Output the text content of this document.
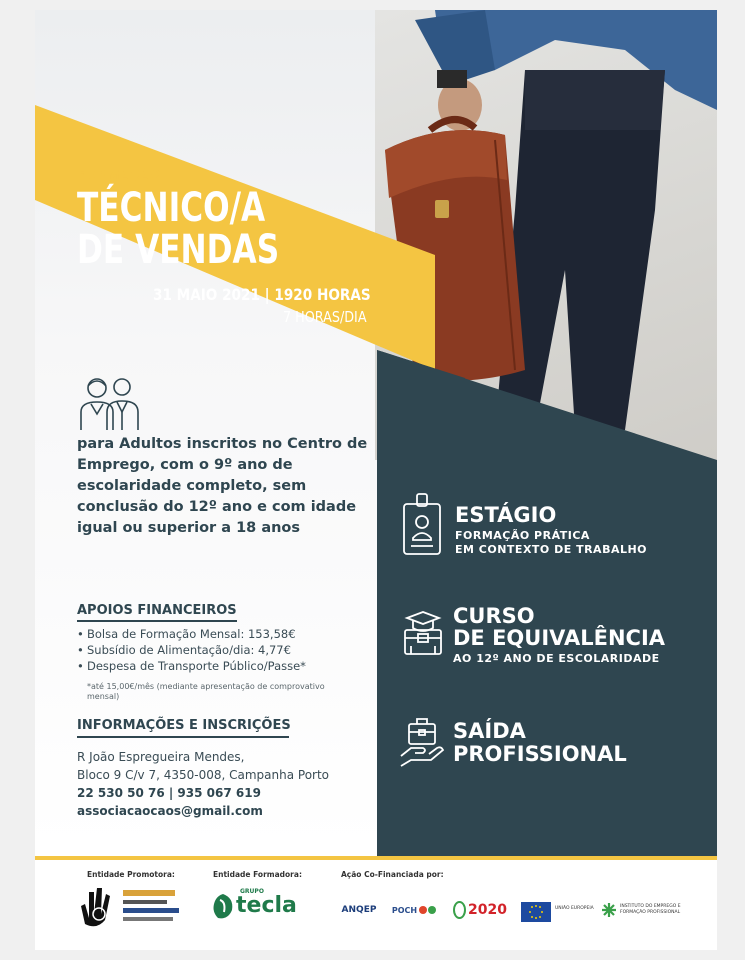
FORMAÇÃO
TÉCNICO/A
DE VENDAS
31 MAIO 2021 | 1920 HORAS
7 HORAS/DIA
para Adultos inscritos no Centro de Emprego, com o 9º ano de escolaridade completo, sem conclusão do 12º ano e com idade igual ou superior a 18 anos
APOIOS FINANCEIROS
• Bolsa de Formação Mensal: 153,58€
• Subsídio de Alimentação/dia: 4,77€
• Despesa de Transporte Público/Passe*
*até 15,00€/mês (mediante apresentação de comprovativo mensal)
INFORMAÇÕES E INSCRIÇÕES
R João Espregueira Mendes,
Bloco 9 C/v 7, 4350-008, Campanha Porto
22 530 50 76 | 935 067 619
associacaocaos@gmail.com
ESTÁGIO
FORMAÇÃO PRÁTICA
EM CONTEXTO DE TRABALHO
CURSO
DE EQUIVALÊNCIA
AO 12º ANO DE ESCOLARIDADE
SAÍDA
PROFISSIONAL
Entidade Promotora:	Entidade Formadora:	Ação Co-Financiada por:
GRUPO
tecla	ANQEP POCH	2020	UNIÃO EUROPEIA	INSTITUTO DO EMPREGO E FORMAÇÃO PROFISSIONAL
